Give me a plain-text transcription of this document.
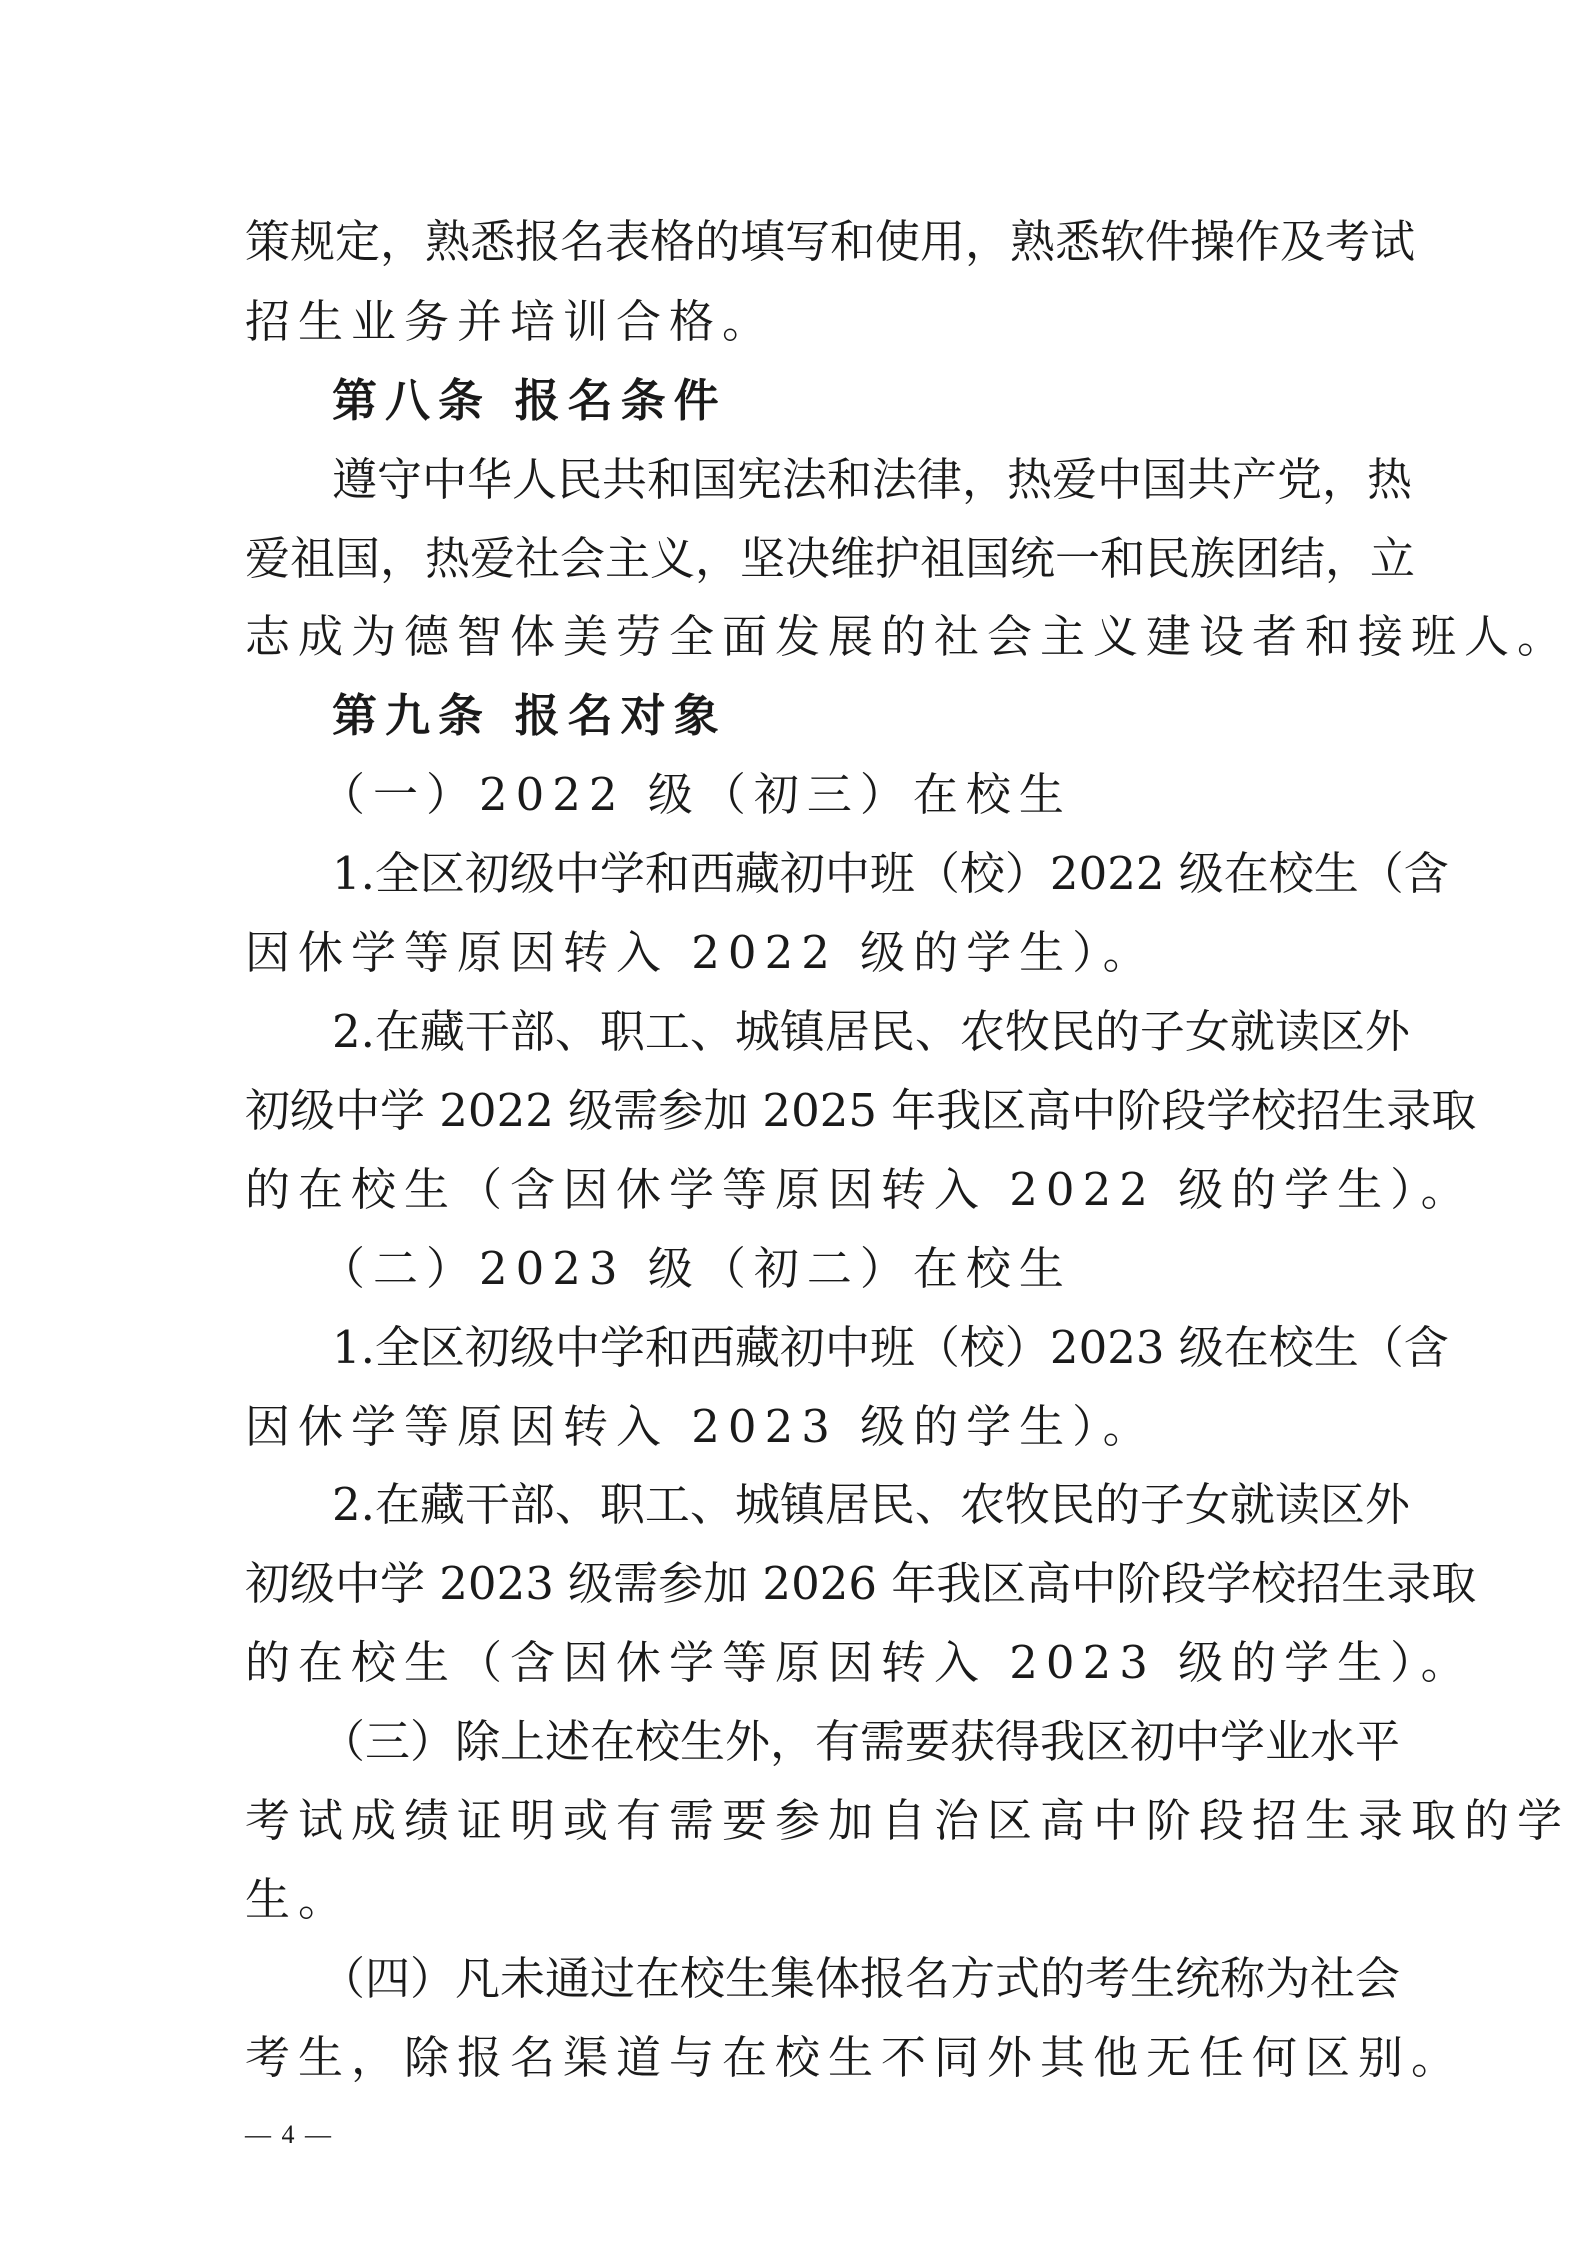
策规定，熟悉报名表格的填写和使用，熟悉软件操作及考试
招生业务并培训合格。
第八条 报名条件
遵守中华人民共和国宪法和法律，热爱中国共产党，热
爱祖国，热爱社会主义，坚决维护祖国统一和民族团结，立
志成为德智体美劳全面发展的社会主义建设者和接班人。
第九条 报名对象
（一）2022 级（初三）在校生
1.全区初级中学和西藏初中班（校）2022 级在校生（含
因休学等原因转入 2022 级的学生）。
2.在藏干部、职工、城镇居民、农牧民的子女就读区外
初级中学 2022 级需参加 2025 年我区高中阶段学校招生录取
的在校生（含因休学等原因转入 2022 级的学生）。
（二）2023 级（初二）在校生
1.全区初级中学和西藏初中班（校）2023 级在校生（含
因休学等原因转入 2023 级的学生）。
2.在藏干部、职工、城镇居民、农牧民的子女就读区外
初级中学 2023 级需参加 2026 年我区高中阶段学校招生录取
的在校生（含因休学等原因转入 2023 级的学生）。
（三）除上述在校生外，有需要获得我区初中学业水平
考试成绩证明或有需要参加自治区高中阶段招生录取的学
生。
（四）凡未通过在校生集体报名方式的考生统称为社会
考生，除报名渠道与在校生不同外其他无任何区别。
— 4 —
